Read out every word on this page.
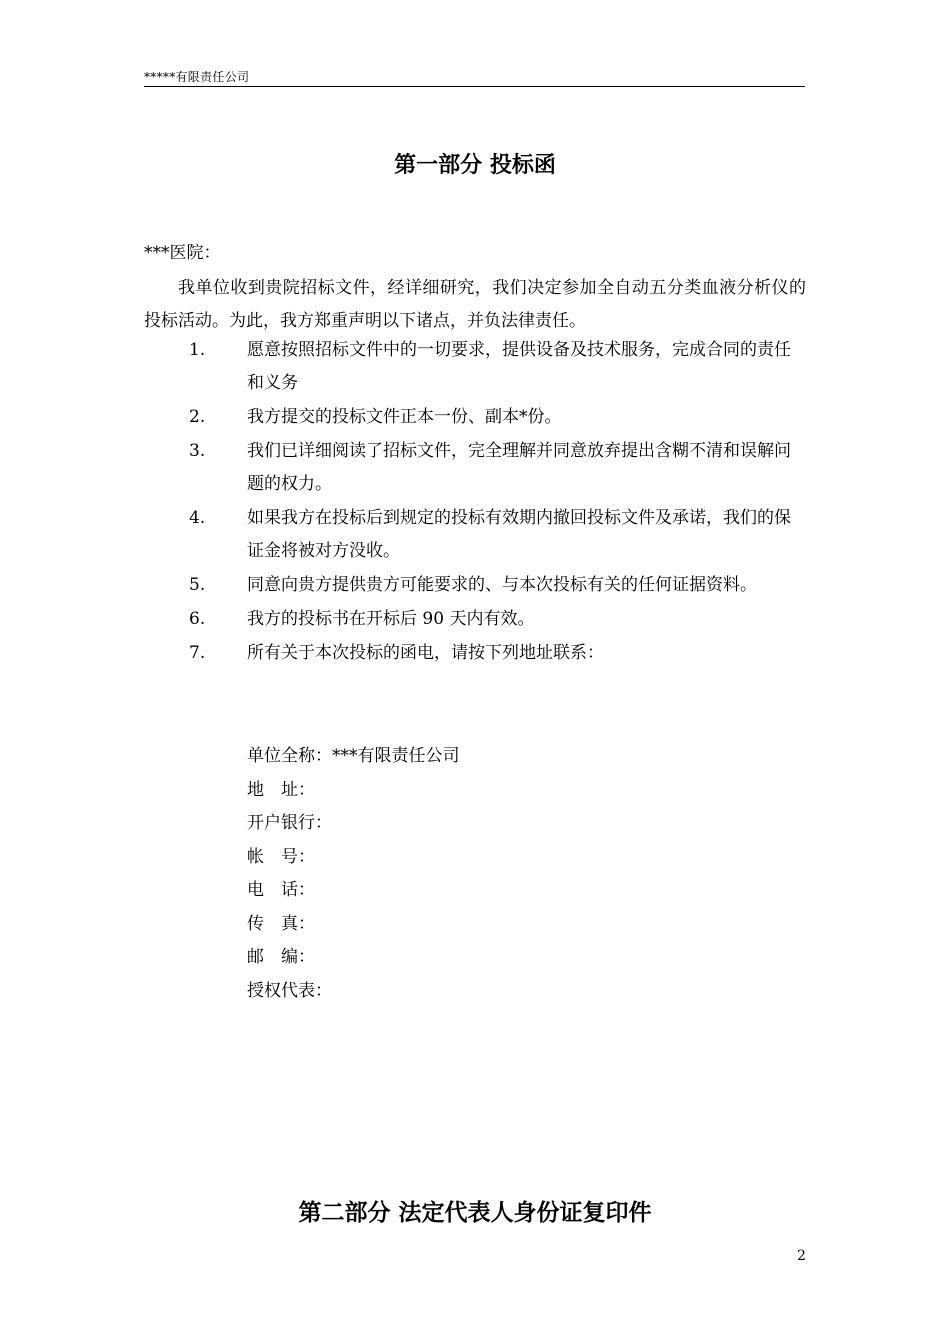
*****有限责任公司
第一部分 投标函
***医院：
我单位收到贵院招标文件，经详细研究，我们决定参加全自动五分类血液分析仪的投标活动。为此，我方郑重声明以下诸点，并负法律责任。
1. 愿意按照招标文件中的一切要求，提供设备及技术服务，完成合同的责任和义务
2. 我方提交的投标文件正本一份、副本*份。
3. 我们已详细阅读了招标文件，完全理解并同意放弃提出含糊不清和误解问题的权力。
4. 如果我方在投标后到规定的投标有效期内撤回投标文件及承诺，我们的保证金将被对方没收。
5. 同意向贵方提供贵方可能要求的、与本次投标有关的任何证据资料。
6. 我方的投标书在开标后 90 天内有效。
7. 所有关于本次投标的函电，请按下列地址联系：
单位全称：***有限责任公司
地　址：
开户银行：
帐　号：
电　话：
传　真：
邮　编：
授权代表：
第二部分 法定代表人身份证复印件
2
